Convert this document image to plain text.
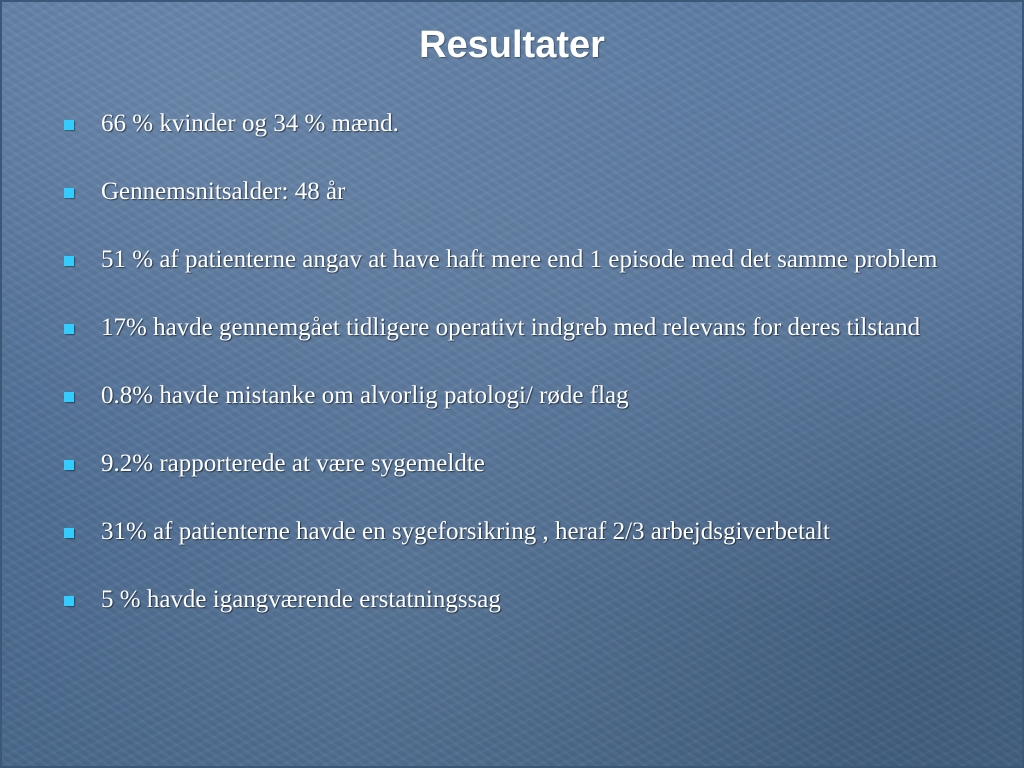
Resultater
66 % kvinder og 34 % mænd.
Gennemsnitsalder: 48 år
51 % af patienterne angav at have haft mere end 1 episode med det samme problem
17% havde gennemgået tidligere operativt indgreb med relevans for deres tilstand
0.8% havde mistanke om alvorlig patologi/ røde flag
9.2% rapporterede at være sygemeldte
31% af patienterne havde en sygeforsikring , heraf 2/3 arbejdsgiverbetalt
5 % havde igangværende erstatningssag
